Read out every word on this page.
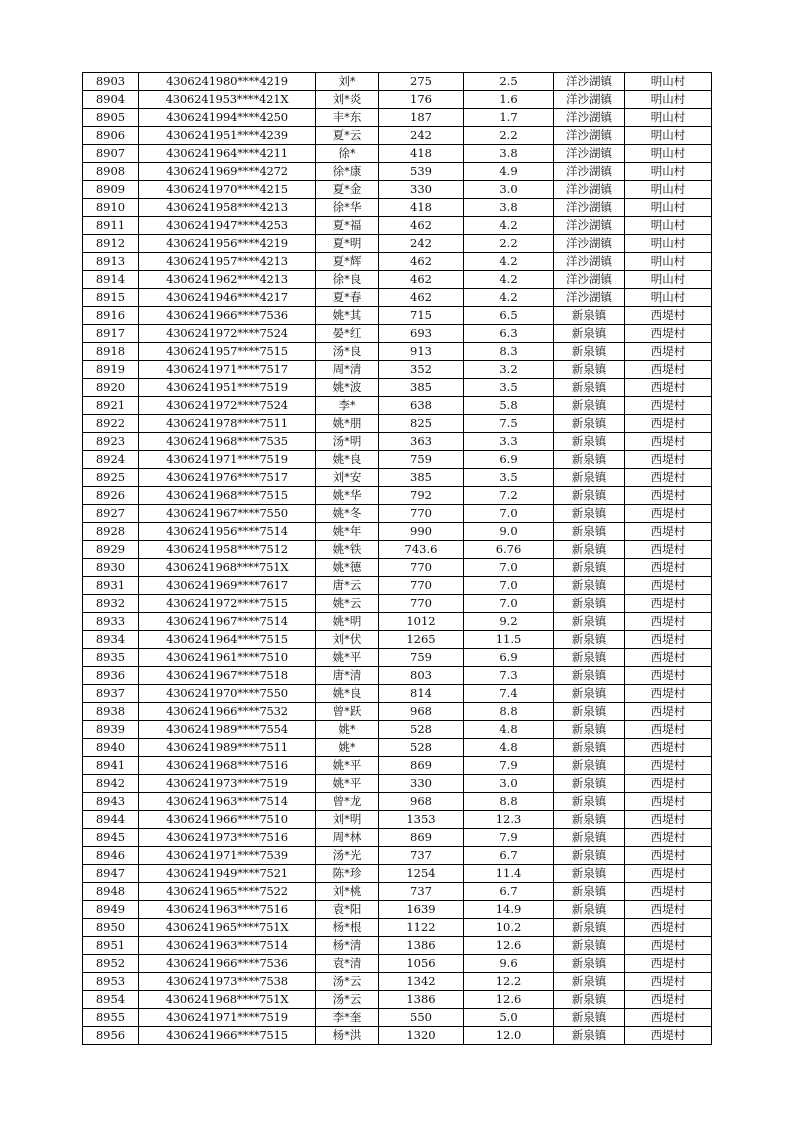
8903	4306241980****4219	刘*	275	2.5	洋沙湖镇	明山村
8904	4306241953****421X	刘*炎	176	1.6	洋沙湖镇	明山村
8905	4306241994****4250	丰*东	187	1.7	洋沙湖镇	明山村
8906	4306241951****4239	夏*云	242	2.2	洋沙湖镇	明山村
8907	4306241964****4211	徐*	418	3.8	洋沙湖镇	明山村
8908	4306241969****4272	徐*康	539	4.9	洋沙湖镇	明山村
8909	4306241970****4215	夏*金	330	3.0	洋沙湖镇	明山村
8910	4306241958****4213	徐*华	418	3.8	洋沙湖镇	明山村
8911	4306241947****4253	夏*福	462	4.2	洋沙湖镇	明山村
8912	4306241956****4219	夏*明	242	2.2	洋沙湖镇	明山村
8913	4306241957****4213	夏*辉	462	4.2	洋沙湖镇	明山村
8914	4306241962****4213	徐*良	462	4.2	洋沙湖镇	明山村
8915	4306241946****4217	夏*春	462	4.2	洋沙湖镇	明山村
8916	4306241966****7536	姚*其	715	6.5	新泉镇	西堤村
8917	4306241972****7524	晏*红	693	6.3	新泉镇	西堤村
8918	4306241957****7515	汤*良	913	8.3	新泉镇	西堤村
8919	4306241971****7517	周*清	352	3.2	新泉镇	西堤村
8920	4306241951****7519	姚*波	385	3.5	新泉镇	西堤村
8921	4306241972****7524	李*	638	5.8	新泉镇	西堤村
8922	4306241978****7511	姚*朋	825	7.5	新泉镇	西堤村
8923	4306241968****7535	汤*明	363	3.3	新泉镇	西堤村
8924	4306241971****7519	姚*良	759	6.9	新泉镇	西堤村
8925	4306241976****7517	刘*安	385	3.5	新泉镇	西堤村
8926	4306241968****7515	姚*华	792	7.2	新泉镇	西堤村
8927	4306241967****7550	姚*冬	770	7.0	新泉镇	西堤村
8928	4306241956****7514	姚*年	990	9.0	新泉镇	西堤村
8929	4306241958****7512	姚*铁	743.6	6.76	新泉镇	西堤村
8930	4306241968****751X	姚*德	770	7.0	新泉镇	西堤村
8931	4306241969****7617	唐*云	770	7.0	新泉镇	西堤村
8932	4306241972****7515	姚*云	770	7.0	新泉镇	西堤村
8933	4306241967****7514	姚*明	1012	9.2	新泉镇	西堤村
8934	4306241964****7515	刘*伏	1265	11.5	新泉镇	西堤村
8935	4306241961****7510	姚*平	759	6.9	新泉镇	西堤村
8936	4306241967****7518	唐*清	803	7.3	新泉镇	西堤村
8937	4306241970****7550	姚*良	814	7.4	新泉镇	西堤村
8938	4306241966****7532	曾*跃	968	8.8	新泉镇	西堤村
8939	4306241989****7554	姚*	528	4.8	新泉镇	西堤村
8940	4306241989****7511	姚*	528	4.8	新泉镇	西堤村
8941	4306241968****7516	姚*平	869	7.9	新泉镇	西堤村
8942	4306241973****7519	姚*平	330	3.0	新泉镇	西堤村
8943	4306241963****7514	曾*龙	968	8.8	新泉镇	西堤村
8944	4306241966****7510	刘*明	1353	12.3	新泉镇	西堤村
8945	4306241973****7516	周*林	869	7.9	新泉镇	西堤村
8946	4306241971****7539	汤*光	737	6.7	新泉镇	西堤村
8947	4306241949****7521	陈*珍	1254	11.4	新泉镇	西堤村
8948	4306241965****7522	刘*桃	737	6.7	新泉镇	西堤村
8949	4306241963****7516	袁*阳	1639	14.9	新泉镇	西堤村
8950	4306241965****751X	杨*根	1122	10.2	新泉镇	西堤村
8951	4306241963****7514	杨*清	1386	12.6	新泉镇	西堤村
8952	4306241966****7536	袁*清	1056	9.6	新泉镇	西堤村
8953	4306241973****7538	汤*云	1342	12.2	新泉镇	西堤村
8954	4306241968****751X	汤*云	1386	12.6	新泉镇	西堤村
8955	4306241971****7519	李*奎	550	5.0	新泉镇	西堤村
8956	4306241966****7515	杨*洪	1320	12.0	新泉镇	西堤村
